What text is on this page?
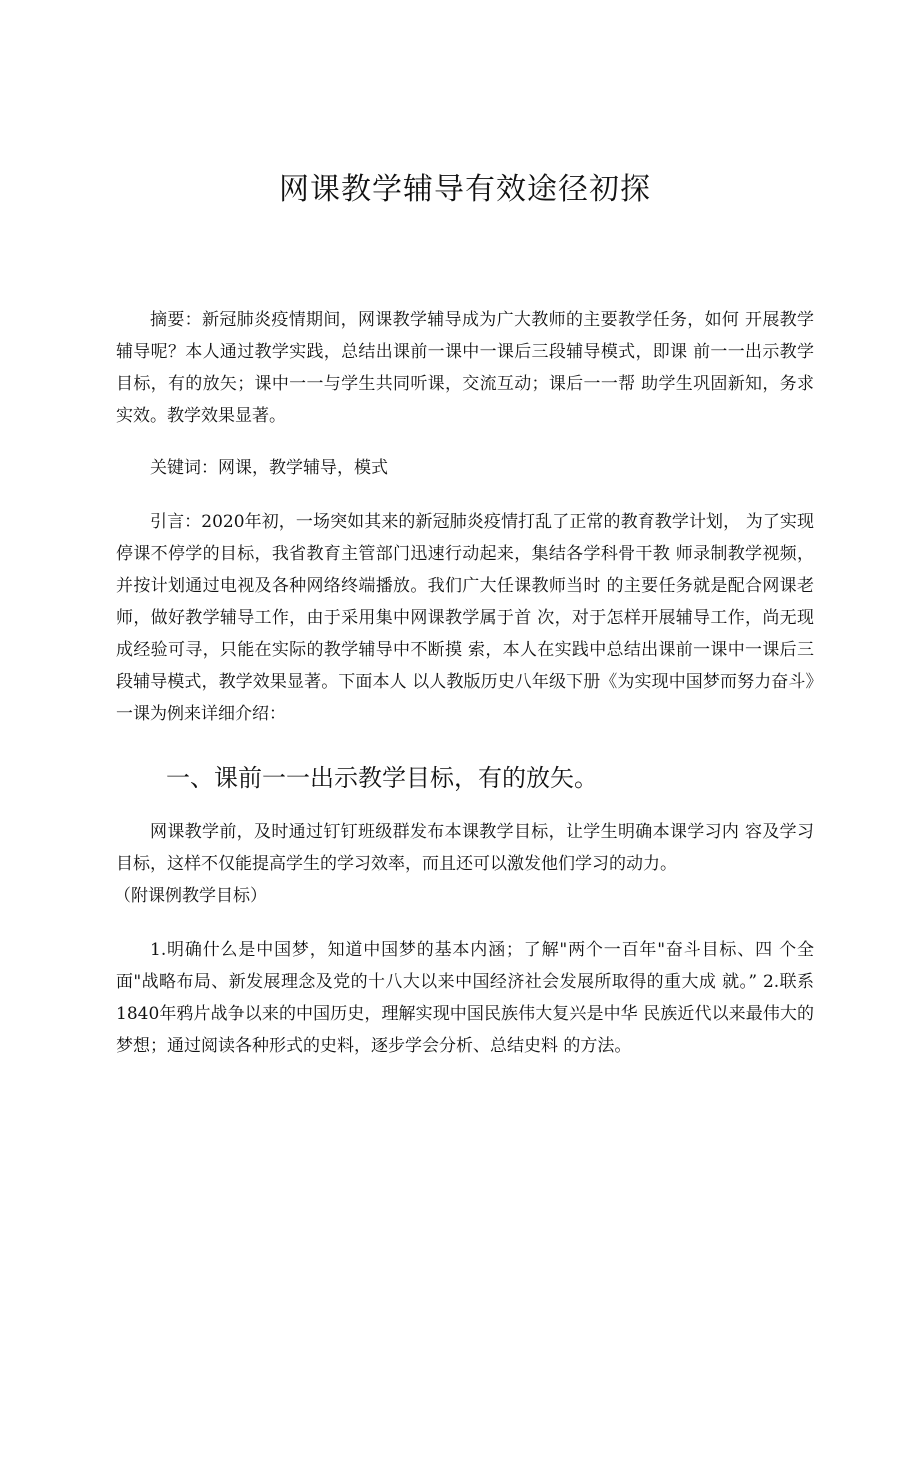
网课教学辅导有效途径初探

摘要：新冠肺炎疫情期间，网课教学辅导成为广大教师的主要教学任务，如何 开展教学辅导呢？本人通过教学实践，总结出课前一课中一课后三段辅导模式，即课 前一一出示教学目标，有的放矢；课中一一与学生共同听课，交流互动；课后一一帮 助学生巩固新知，务求实效。教学效果显著。

关键词：网课，教学辅导，模式

引言：2020年初，一场突如其来的新冠肺炎疫情打乱了正常的教育教学计划， 为了实现停课不停学的目标，我省教育主管部门迅速行动起来，集结各学科骨干教 师录制教学视频，并按计划通过电视及各种网络终端播放。我们广大任课教师当时 的主要任务就是配合网课老师，做好教学辅导工作，由于采用集中网课教学属于首 次，对于怎样开展辅导工作，尚无现成经验可寻，只能在实际的教学辅导中不断摸 索，本人在实践中总结出课前一课中一课后三段辅导模式，教学效果显著。下面本人 以人教版历史八年级下册《为实现中国梦而努力奋斗》一课为例来详细介绍：

一、课前一一出示教学目标，有的放矢。

网课教学前，及时通过钉钉班级群发布本课教学目标，让学生明确本课学习内 容及学习目标，这样不仅能提高学生的学习效率，而且还可以激发他们学习的动力。

（附课例教学目标）

1.明确什么是中国梦，知道中国梦的基本内涵；了解"两个一百年"奋斗目标、四 个全面"战略布局、新发展理念及党的十八大以来中国经济社会发展所取得的重大成 就。” 2.联系1840年鸦片战争以来的中国历史，理解实现中国民族伟大复兴是中华 民族近代以来最伟大的梦想；通过阅读各种形式的史料，逐步学会分析、总结史料 的方法。
